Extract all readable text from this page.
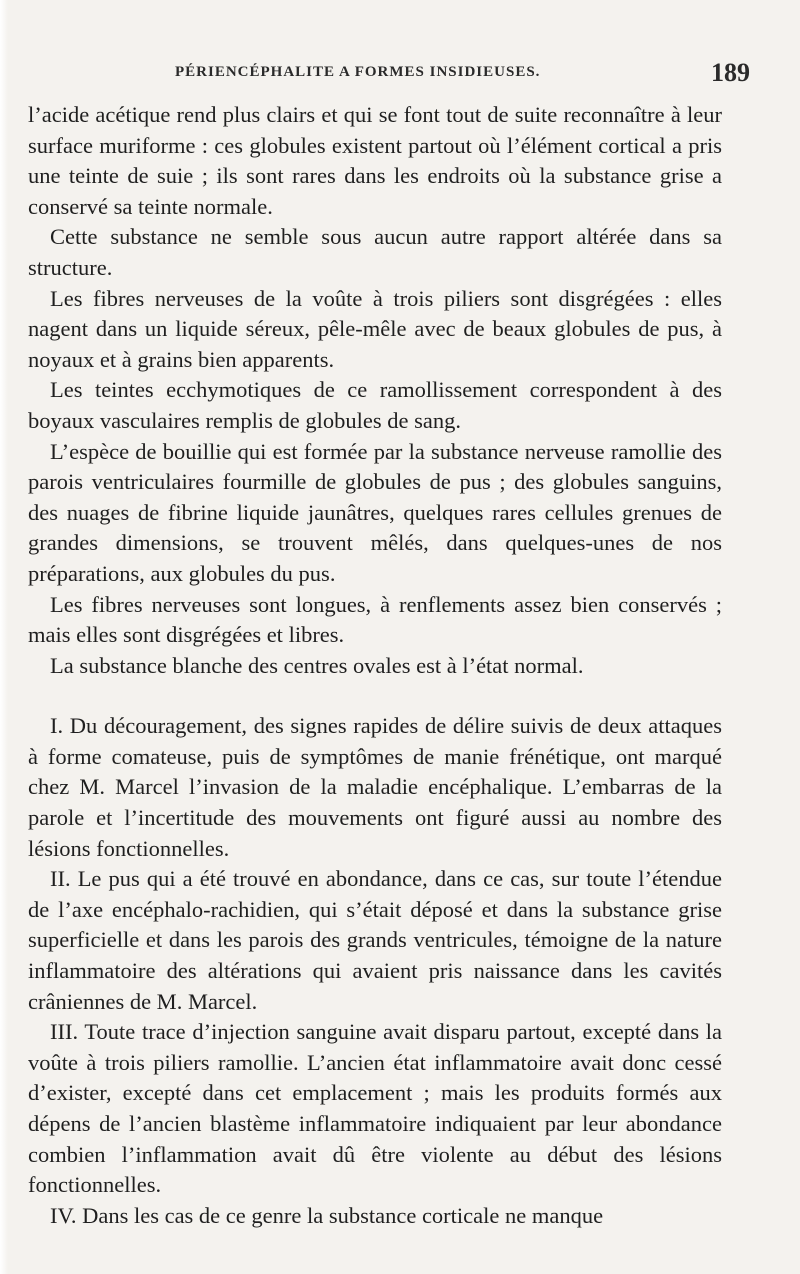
PÉRIENCÉPHALITE A FORMES INSIDIEUSES.	189

l’acide acétique rend plus clairs et qui se font tout de suite reconnaître à leur surface muriforme : ces globules existent partout où l’élément cortical a pris une teinte de suie ; ils sont rares dans les endroits où la substance grise a conservé sa teinte normale.

Cette substance ne semble sous aucun autre rapport altérée dans sa structure.

Les fibres nerveuses de la voûte à trois piliers sont disgrégées : elles nagent dans un liquide séreux, pêle-mêle avec de beaux globules de pus, à noyaux et à grains bien apparents.

Les teintes ecchymotiques de ce ramollissement correspondent à des boyaux vasculaires remplis de globules de sang.

L’espèce de bouillie qui est formée par la substance nerveuse ramollie des parois ventriculaires fourmille de globules de pus ; des globules sanguins, des nuages de fibrine liquide jaunâtres, quelques rares cellules grenues de grandes dimensions, se trouvent mêlés, dans quelques-unes de nos préparations, aux globules du pus.

Les fibres nerveuses sont longues, à renflements assez bien conservés ; mais elles sont disgrégées et libres.

La substance blanche des centres ovales est à l’état normal.

I. Du découragement, des signes rapides de délire suivis de deux attaques à forme comateuse, puis de symptômes de manie frénétique, ont marqué chez M. Marcel l’invasion de la maladie encéphalique. L’embarras de la parole et l’incertitude des mouvements ont figuré aussi au nombre des lésions fonctionnelles.

II. Le pus qui a été trouvé en abondance, dans ce cas, sur toute l’étendue de l’axe encéphalo-rachidien, qui s’était déposé et dans la substance grise superficielle et dans les parois des grands ventricules, témoigne de la nature inflammatoire des altérations qui avaient pris naissance dans les cavités crâniennes de M. Marcel.

III. Toute trace d’injection sanguine avait disparu partout, excepté dans la voûte à trois piliers ramollie. L’ancien état inflammatoire avait donc cessé d’exister, excepté dans cet emplacement ; mais les produits formés aux dépens de l’ancien blastème inflammatoire indiquaient par leur abondance combien l’inflammation avait dû être violente au début des lésions fonctionnelles.

IV. Dans les cas de ce genre la substance corticale ne manque
